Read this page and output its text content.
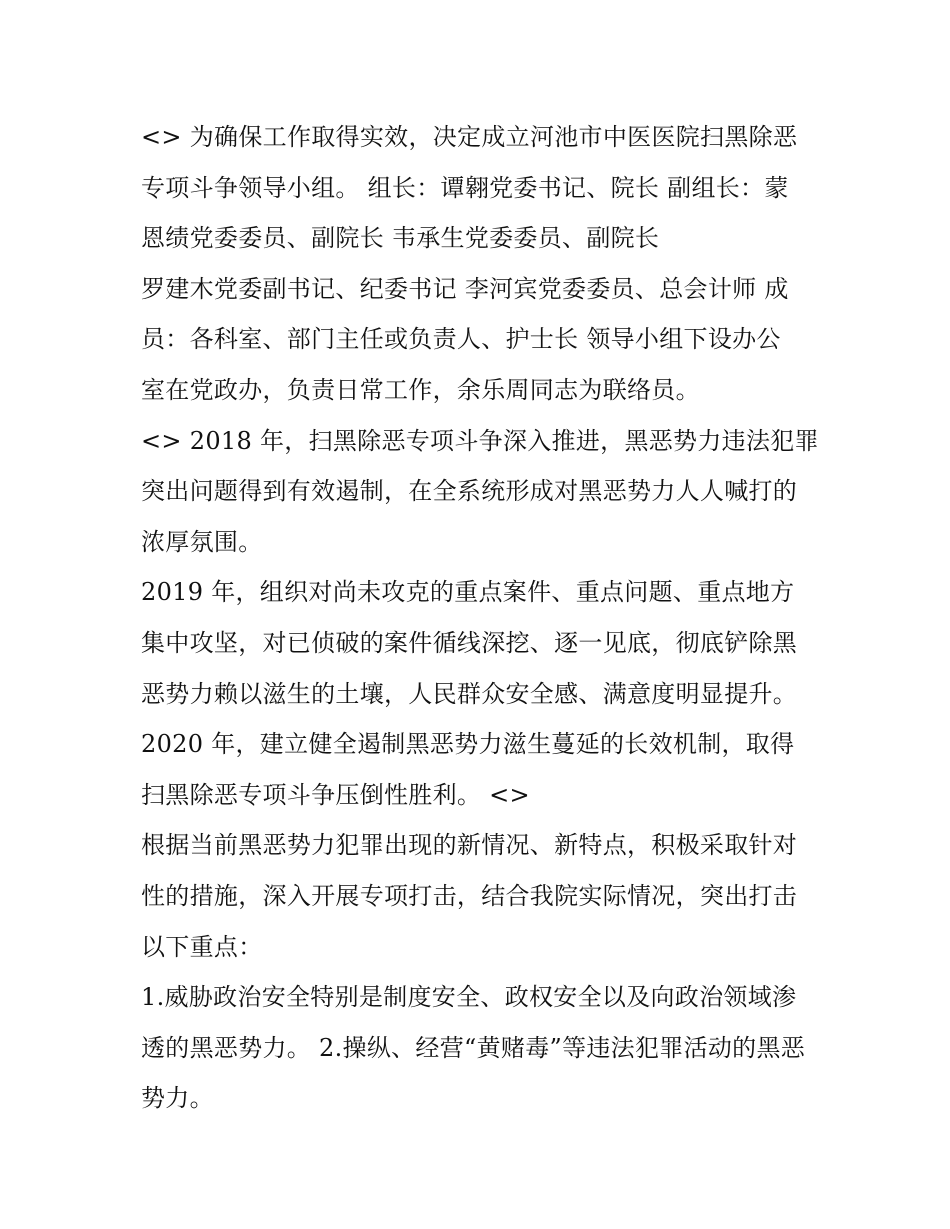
<> 为确保工作取得实效，决定成立河池市中医医院扫黑除恶
专项斗争领导小组。 组长：谭翱党委书记、院长 副组长：蒙
恩绩党委委员、副院长 韦承生党委委员、副院长
罗建木党委副书记、纪委书记 李河宾党委委员、总会计师 成
员：各科室、部门主任或负责人、护士长 领导小组下设办公
室在党政办，负责日常工作，余乐周同志为联络员。
<> 2018 年，扫黑除恶专项斗争深入推进，黑恶势力违法犯罪
突出问题得到有效遏制，在全系统形成对黑恶势力人人喊打的
浓厚氛围。
2019 年，组织对尚未攻克的重点案件、重点问题、重点地方
集中攻坚，对已侦破的案件循线深挖、逐一见底，彻底铲除黑
恶势力赖以滋生的土壤，人民群众安全感、满意度明显提升。
2020 年，建立健全遏制黑恶势力滋生蔓延的长效机制，取得
扫黑除恶专项斗争压倒性胜利。 <>
根据当前黑恶势力犯罪出现的新情况、新特点，积极采取针对
性的措施，深入开展专项打击，结合我院实际情况，突出打击
以下重点：
1.威胁政治安全特别是制度安全、政权安全以及向政治领域渗
透的黑恶势力。 2.操纵、经营“黄赌毒”等违法犯罪活动的黑恶
势力。
